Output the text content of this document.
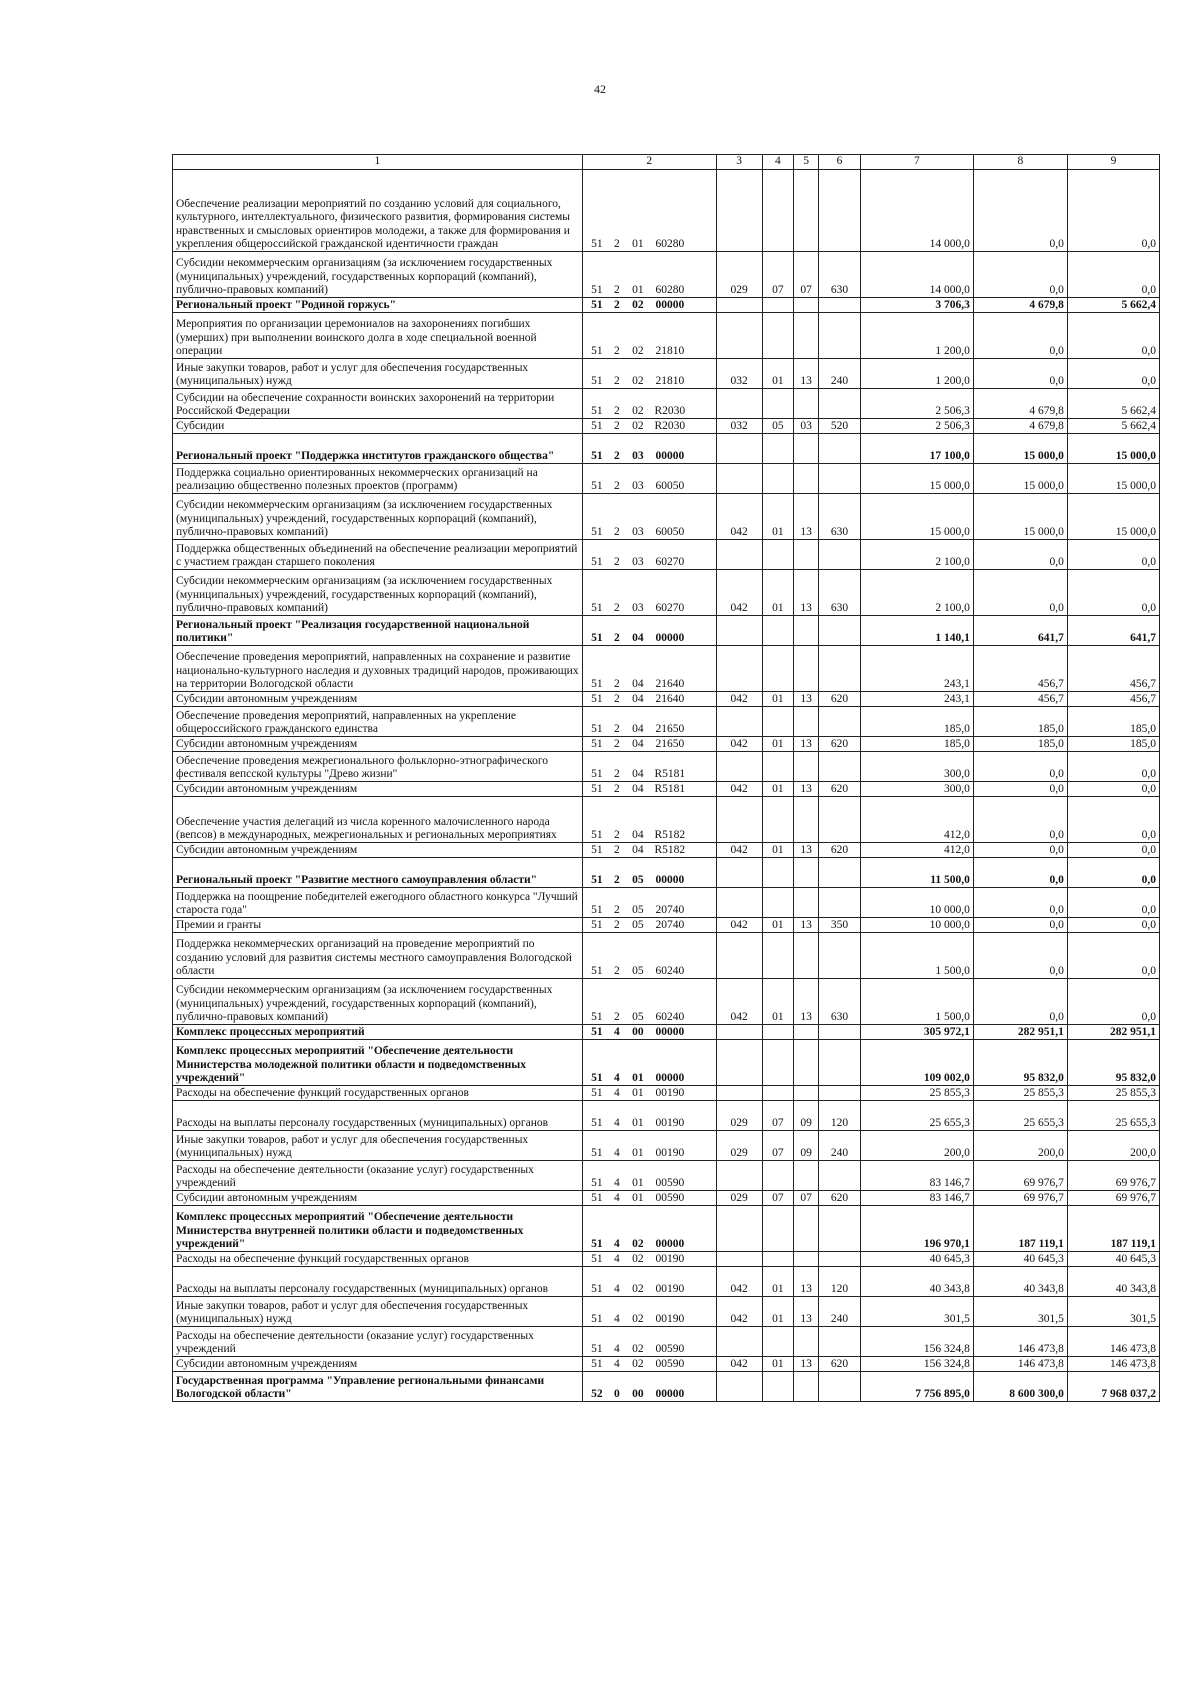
42
1	2	3	4	5	6	7	8	9
Обеспечение реализации мероприятий по созданию условий для социального, культурного, интеллектуального, физического развития, формирования системы нравственных и смысловых ориентиров молодежи, а также для формирования и укрепления общероссийской гражданской идентичности граждан	51 2 01 60280					14 000,0	0,0	0,0
Субсидии некоммерческим организациям (за исключением государственных (муниципальных) учреждений, государственных корпораций (компаний), публично-правовых компаний)	51 2 01 60280	029	07	07	630	14 000,0	0,0	0,0
Региональный проект "Родиной горжусь"	51 2 02 00000					3 706,3	4 679,8	5 662,4
Мероприятия по организации церемониалов на захоронениях погибших (умерших) при выполнении воинского долга в ходе специальной военной операции	51 2 02 21810					1 200,0	0,0	0,0
Иные закупки товаров, работ и услуг для обеспечения государственных (муниципальных) нужд	51 2 02 21810	032	01	13	240	1 200,0	0,0	0,0
Субсидии на обеспечение сохранности воинских захоронений на территории Российской Федерации	51 2 02 R2030					2 506,3	4 679,8	5 662,4
Субсидии	51 2 02 R2030	032	05	03	520	2 506,3	4 679,8	5 662,4
Региональный проект "Поддержка институтов гражданского общества"	51 2 03 00000					17 100,0	15 000,0	15 000,0
Поддержка социально ориентированных некоммерческих организаций на реализацию общественно полезных проектов (программ)	51 2 03 60050					15 000,0	15 000,0	15 000,0
Субсидии некоммерческим организациям (за исключением государственных (муниципальных) учреждений, государственных корпораций (компаний), публично-правовых компаний)	51 2 03 60050	042	01	13	630	15 000,0	15 000,0	15 000,0
Поддержка общественных объединений на обеспечение реализации мероприятий с участием граждан старшего поколения	51 2 03 60270					2 100,0	0,0	0,0
Субсидии некоммерческим организациям (за исключением государственных (муниципальных) учреждений, государственных корпораций (компаний), публично-правовых компаний)	51 2 03 60270	042	01	13	630	2 100,0	0,0	0,0
Региональный проект "Реализация государственной национальной политики"	51 2 04 00000					1 140,1	641,7	641,7
Обеспечение проведения мероприятий, направленных на сохранение и развитие национально-культурного наследия и духовных традиций народов, проживающих на территории Вологодской области	51 2 04 21640					243,1	456,7	456,7
Субсидии автономным учреждениям	51 2 04 21640	042	01	13	620	243,1	456,7	456,7
Обеспечение проведения мероприятий, направленных на укрепление общероссийского гражданского единства	51 2 04 21650					185,0	185,0	185,0
Субсидии автономным учреждениям	51 2 04 21650	042	01	13	620	185,0	185,0	185,0
Обеспечение проведения межрегионального фольклорно-этнографического фестиваля вепсской культуры "Древо жизни"	51 2 04 R5181					300,0	0,0	0,0
Субсидии автономным учреждениям	51 2 04 R5181	042	01	13	620	300,0	0,0	0,0
Обеспечение участия делегаций из числа коренного малочисленного народа (вепсов) в международных, межрегиональных и региональных мероприятиях	51 2 04 R5182					412,0	0,0	0,0
Субсидии автономным учреждениям	51 2 04 R5182	042	01	13	620	412,0	0,0	0,0
Региональный проект "Развитие местного самоуправления области"	51 2 05 00000					11 500,0	0,0	0,0
Поддержка на поощрение победителей ежегодного областного конкурса "Лучший староста года"	51 2 05 20740					10 000,0	0,0	0,0
Премии и гранты	51 2 05 20740	042	01	13	350	10 000,0	0,0	0,0
Поддержка некоммерческих организаций на проведение мероприятий по созданию условий для развития системы местного самоуправления Вологодской области	51 2 05 60240					1 500,0	0,0	0,0
Субсидии некоммерческим организациям (за исключением государственных (муниципальных) учреждений, государственных корпораций (компаний), публично-правовых компаний)	51 2 05 60240	042	01	13	630	1 500,0	0,0	0,0
Комплекс процессных мероприятий	51 4 00 00000					305 972,1	282 951,1	282 951,1
Комплекс процессных мероприятий "Обеспечение деятельности Министерства молодежной политики области и подведомственных учреждений"	51 4 01 00000					109 002,0	95 832,0	95 832,0
Расходы на обеспечение функций государственных органов	51 4 01 00190					25 855,3	25 855,3	25 855,3
Расходы на выплаты персоналу государственных (муниципальных) органов	51 4 01 00190	029	07	09	120	25 655,3	25 655,3	25 655,3
Иные закупки товаров, работ и услуг для обеспечения государственных (муниципальных) нужд	51 4 01 00190	029	07	09	240	200,0	200,0	200,0
Расходы на обеспечение деятельности (оказание услуг) государственных учреждений	51 4 01 00590					83 146,7	69 976,7	69 976,7
Субсидии автономным учреждениям	51 4 01 00590	029	07	07	620	83 146,7	69 976,7	69 976,7
Комплекс процессных мероприятий "Обеспечение деятельности Министерства внутренней политики области и подведомственных учреждений"	51 4 02 00000					196 970,1	187 119,1	187 119,1
Расходы на обеспечение функций государственных органов	51 4 02 00190					40 645,3	40 645,3	40 645,3
Расходы на выплаты персоналу государственных (муниципальных) органов	51 4 02 00190	042	01	13	120	40 343,8	40 343,8	40 343,8
Иные закупки товаров, работ и услуг для обеспечения государственных (муниципальных) нужд	51 4 02 00190	042	01	13	240	301,5	301,5	301,5
Расходы на обеспечение деятельности (оказание услуг) государственных учреждений	51 4 02 00590					156 324,8	146 473,8	146 473,8
Субсидии автономным учреждениям	51 4 02 00590	042	01	13	620	156 324,8	146 473,8	146 473,8
Государственная программа "Управление региональными финансами Вологодской области"	52 0 00 00000					7 756 895,0	8 600 300,0	7 968 037,2
